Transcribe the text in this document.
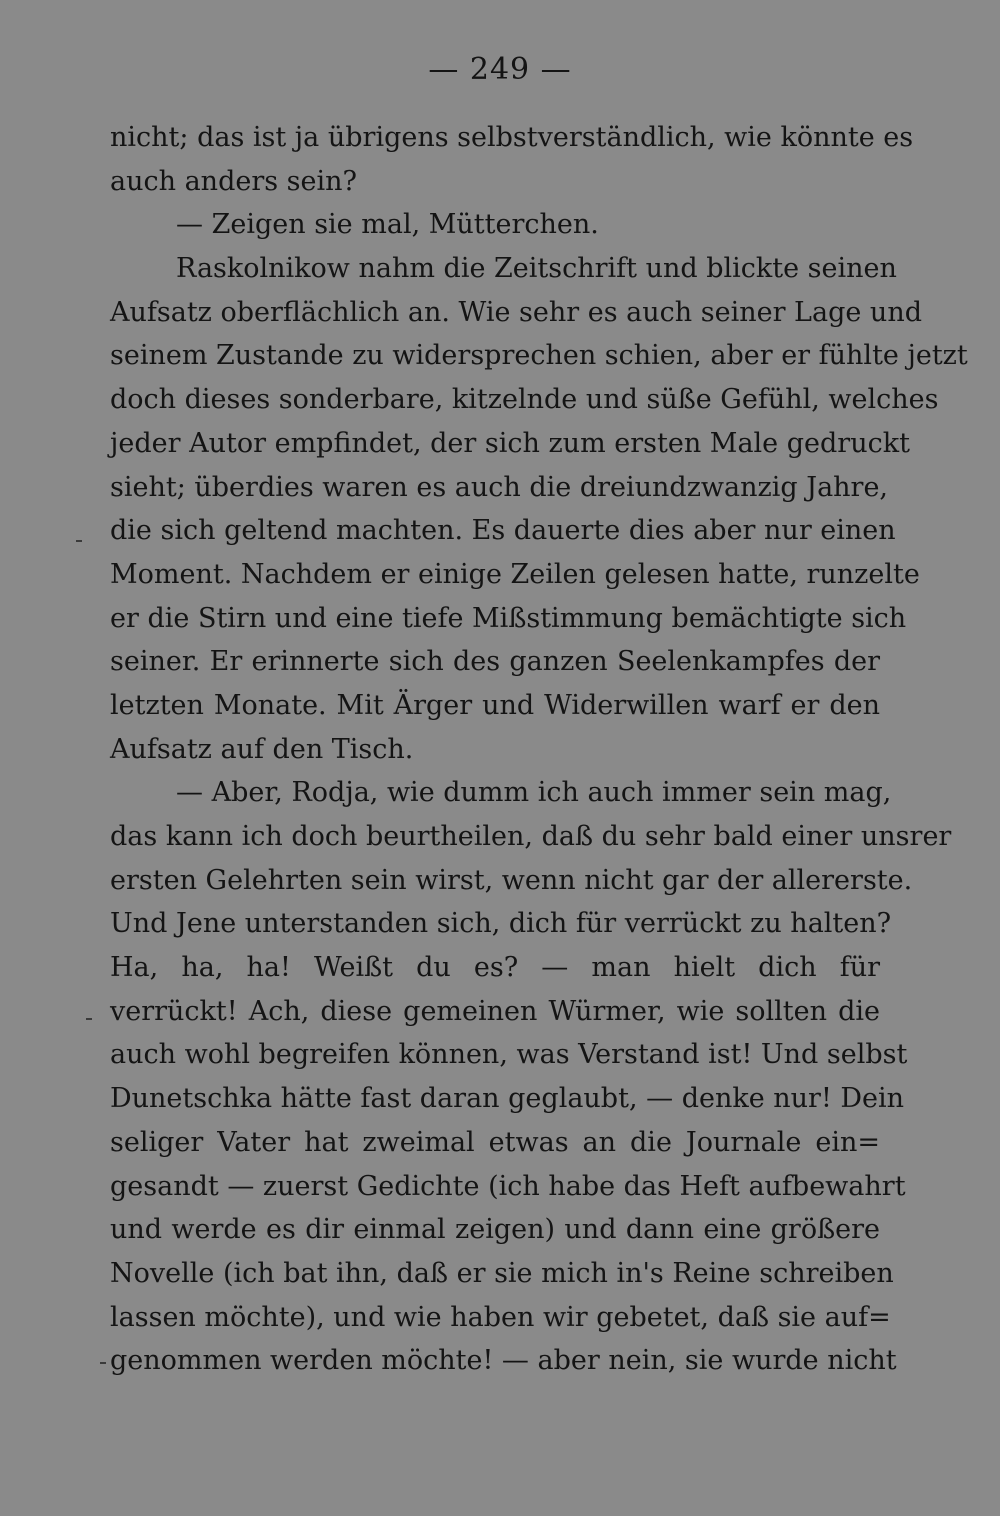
— 249 —
nicht; das ist ja übrigens selbstverständlich, wie könnte es
auch anders sein?
— Zeigen sie mal, Mütterchen.
Raskolnikow nahm die Zeitschrift und blickte seinen
Aufsatz oberflächlich an. Wie sehr es auch seiner Lage und
seinem Zustande zu widersprechen schien, aber er fühlte jetzt
doch dieses sonderbare, kitzelnde und süße Gefühl, welches
jeder Autor empfindet, der sich zum ersten Male gedruckt
sieht; überdies waren es auch die dreiundzwanzig Jahre,
die sich geltend machten. Es dauerte dies aber nur einen
Moment. Nachdem er einige Zeilen gelesen hatte, runzelte
er die Stirn und eine tiefe Mißstimmung bemächtigte sich
seiner. Er erinnerte sich des ganzen Seelenkampfes der
letzten Monate. Mit Ärger und Widerwillen warf er den
Aufsatz auf den Tisch.
— Aber, Rodja, wie dumm ich auch immer sein mag,
das kann ich doch beurtheilen, daß du sehr bald einer unsrer
ersten Gelehrten sein wirst, wenn nicht gar der allererste.
Und Jene unterstanden sich, dich für verrückt zu halten?
Ha, ha, ha! Weißt du es? — man hielt dich für
verrückt! Ach, diese gemeinen Würmer, wie sollten die
auch wohl begreifen können, was Verstand ist! Und selbst
Dunetschka hätte fast daran geglaubt, — denke nur! Dein
seliger Vater hat zweimal etwas an die Journale ein=
gesandt — zuerst Gedichte (ich habe das Heft aufbewahrt
und werde es dir einmal zeigen) und dann eine größere
Novelle (ich bat ihn, daß er sie mich in's Reine schreiben
lassen möchte), und wie haben wir gebetet, daß sie auf=
genommen werden möchte! — aber nein, sie wurde nicht
